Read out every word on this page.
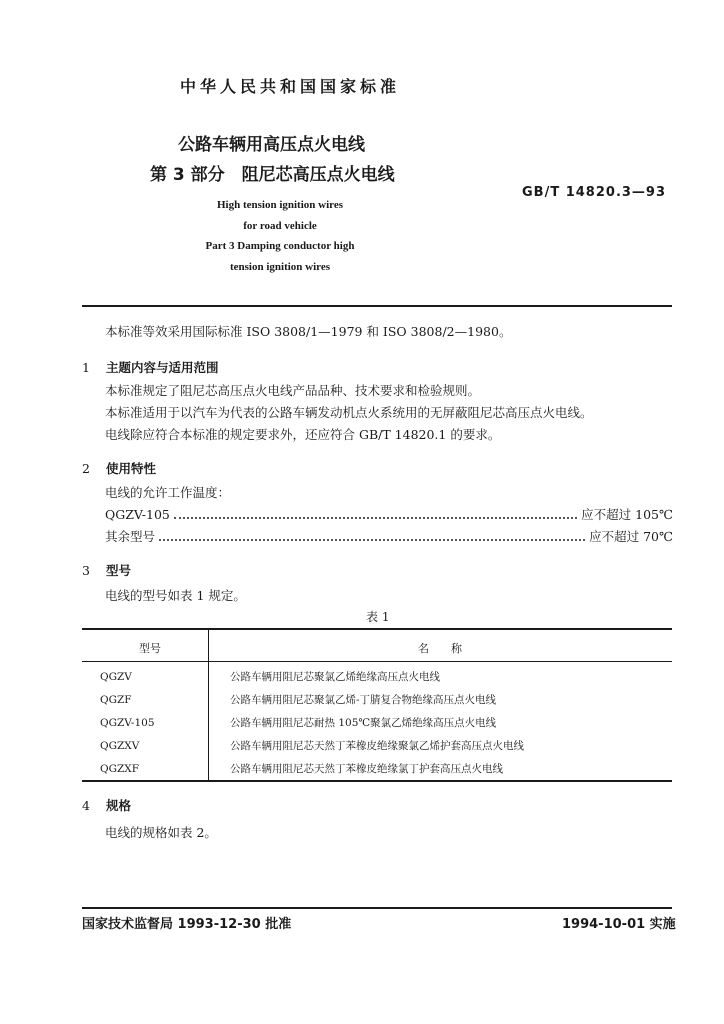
中华人民共和国国家标准
公路车辆用高压点火电线
第 3 部分　阻尼芯高压点火电线
GB/T 14820.3—93
High tension ignition wires
for road vehicle
Part 3 Damping conductor high
tension ignition wires
本标准等效采用国际标准 ISO 3808/1—1979 和 ISO 3808/2—1980。
1 主题内容与适用范围
本标准规定了阻尼芯高压点火电线产品品种、技术要求和检验规则。
本标准适用于以汽车为代表的公路车辆发动机点火系统用的无屏蔽阻尼芯高压点火电线。
电线除应符合本标准的规定要求外，还应符合 GB/T 14820.1 的要求。
2 使用特性
电线的允许工作温度：
QGZV-105	应不超过 105℃
其余型号	应不超过 70℃
3 型号
电线的型号如表 1 规定。
表 1
型号	名　　称
QGZV	公路车辆用阻尼芯聚氯乙烯绝缘高压点火电线
QGZF	公路车辆用阻尼芯聚氯乙烯-丁腈复合物绝缘高压点火电线
QGZV-105	公路车辆用阻尼芯耐热 105℃聚氯乙烯绝缘高压点火电线
QGZXV	公路车辆用阻尼芯天然丁苯橡皮绝缘聚氯乙烯护套高压点火电线
QGZXF	公路车辆用阻尼芯天然丁苯橡皮绝缘氯丁护套高压点火电线
4 规格
电线的规格如表 2。
国家技术监督局 1993-12-30 批准	1994-10-01 实施
